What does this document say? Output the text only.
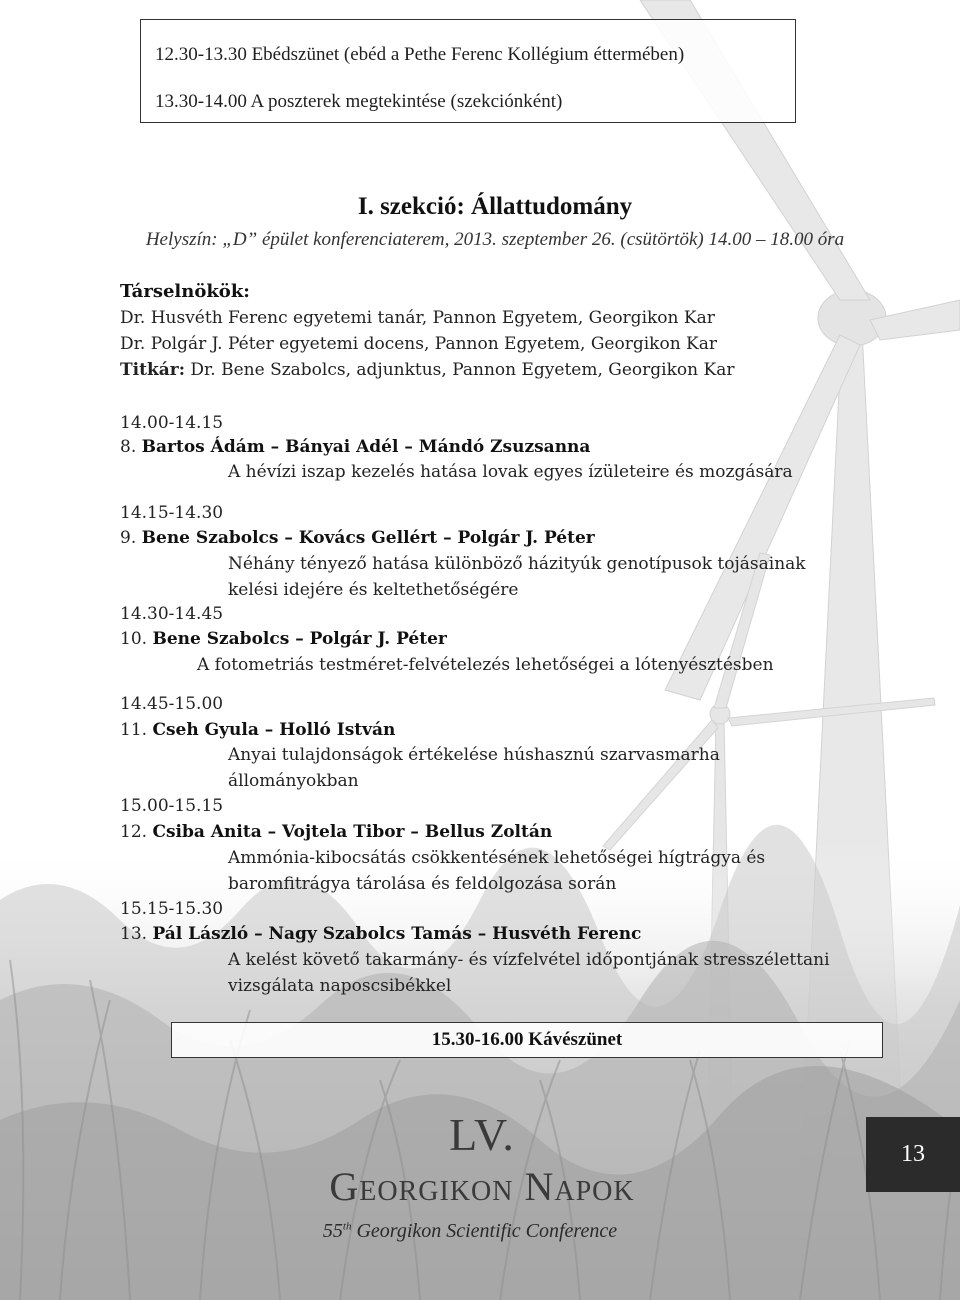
12.30-13.30 Ebédszünet (ebéd a Pethe Ferenc Kollégium éttermében)
13.30-14.00 A poszterek megtekintése (szekciónként)
I. szekció: Állattudomány
Helyszín: „D” épület konferenciaterem, 2013. szeptember 26. (csütörtök) 14.00 – 18.00 óra
Társelnökök:
Dr. Husvéth Ferenc egyetemi tanár, Pannon Egyetem, Georgikon Kar
Dr. Polgár J. Péter egyetemi docens, Pannon Egyetem, Georgikon Kar
Titkár: Dr. Bene Szabolcs, adjunktus, Pannon Egyetem, Georgikon Kar
14.00-14.15
8. Bartos Ádám – Bányai Adél – Mándó Zsuzsanna
A hévízi iszap kezelés hatása lovak egyes ízületeire és mozgására
14.15-14.30
9. Bene Szabolcs – Kovács Gellért – Polgár J. Péter
Néhány tényező hatása különböző házityúk genotípusok tojásainak
kelési idejére és keltethetőségére
14.30-14.45
10. Bene Szabolcs – Polgár J. Péter
A fotometriás testméret-felvételezés lehetőségei a lótenyésztésben
14.45-15.00
11. Cseh Gyula – Holló István
Anyai tulajdonságok értékelése húshasznú szarvasmarha
állományokban
15.00-15.15
12. Csiba Anita – Vojtela Tibor – Bellus Zoltán
Ammónia-kibocsátás csökkentésének lehetőségei hígtrágya és
baromfitrágya tárolása és feldolgozása során
15.15-15.30
13. Pál László – Nagy Szabolcs Tamás – Husvéth Ferenc
A kelést követő takarmány- és vízfelvétel időpontjának stresszélettani
vizsgálata naposcsibékkel
15.30-16.00 Kávészünet
LV.
Georgikon Napok
55th Georgikon Scientific Conference
13
